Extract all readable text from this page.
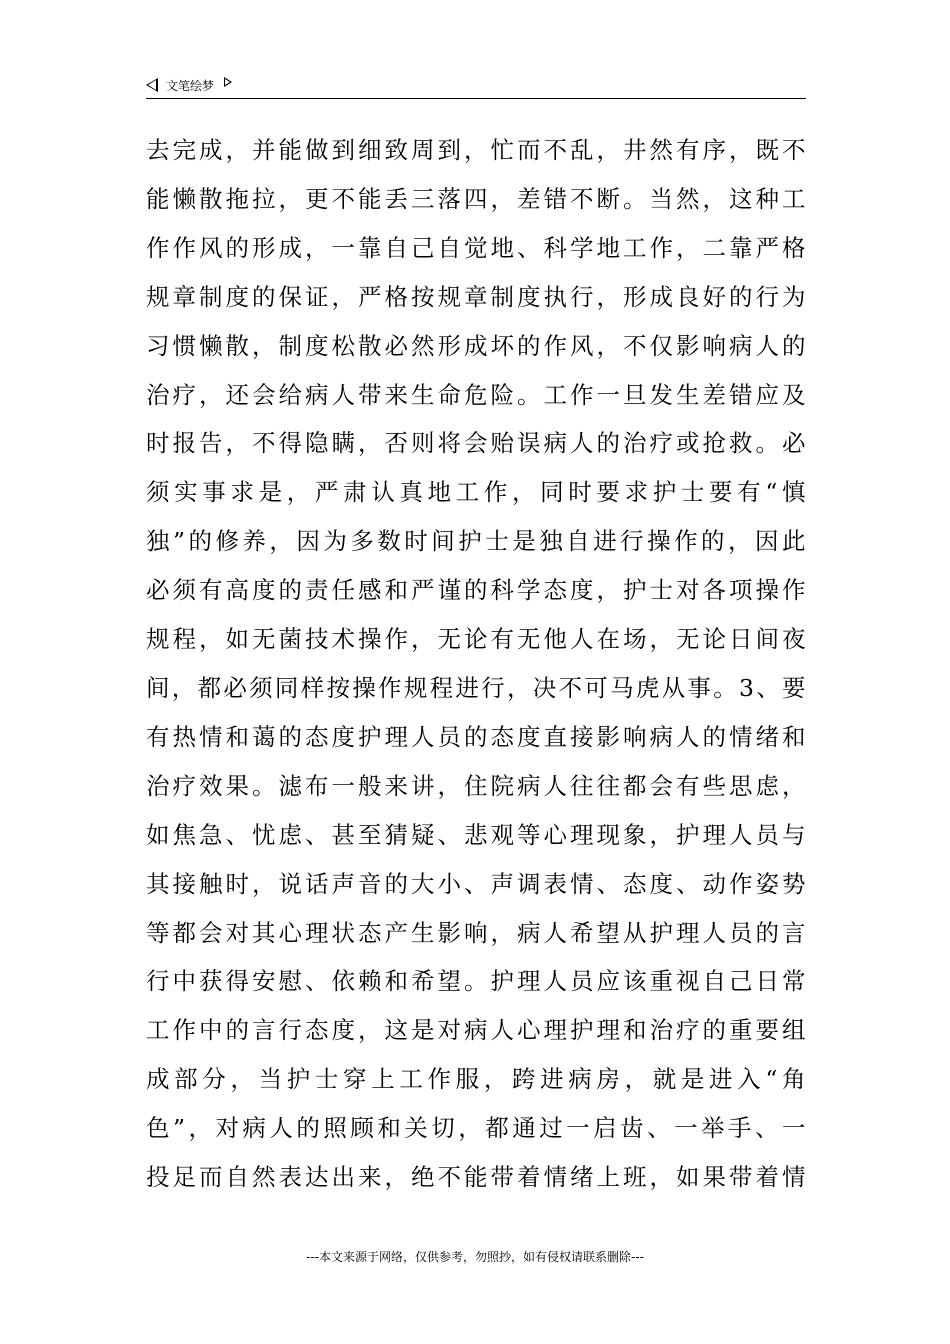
文笔绘梦
去完成，并能做到细致周到，忙而不乱，井然有序，既不
能懒散拖拉，更不能丢三落四，差错不断。当然，这种工
作作风的形成，一靠自己自觉地、科学地工作，二靠严格
规章制度的保证，严格按规章制度执行，形成良好的行为
习惯懒散，制度松散必然形成坏的作风，不仅影响病人的
治疗，还会给病人带来生命危险。工作一旦发生差错应及
时报告，不得隐瞒，否则将会贻误病人的治疗或抢救。必
须实事求是，严肃认真地工作，同时要求护士要有“慎
独”的修养，因为多数时间护士是独自进行操作的，因此
必须有高度的责任感和严谨的科学态度，护士对各项操作
规程，如无菌技术操作，无论有无他人在场，无论日间夜
间，都必须同样按操作规程进行，决不可马虎从事。3、要
有热情和蔼的态度护理人员的态度直接影响病人的情绪和
治疗效果。滤布一般来讲，住院病人往往都会有些思虑，
如焦急、忧虑、甚至猜疑、悲观等心理现象，护理人员与
其接触时，说话声音的大小、声调表情、态度、动作姿势
等都会对其心理状态产生影响，病人希望从护理人员的言
行中获得安慰、依赖和希望。护理人员应该重视自己日常
工作中的言行态度，这是对病人心理护理和治疗的重要组
成部分，当护士穿上工作服，跨进病房，就是进入“角
色”，对病人的照顾和关切，都通过一启齿、一举手、一
投足而自然表达出来，绝不能带着情绪上班，如果带着情
---本文来源于网络，仅供参考，勿照抄，如有侵权请联系删除---
